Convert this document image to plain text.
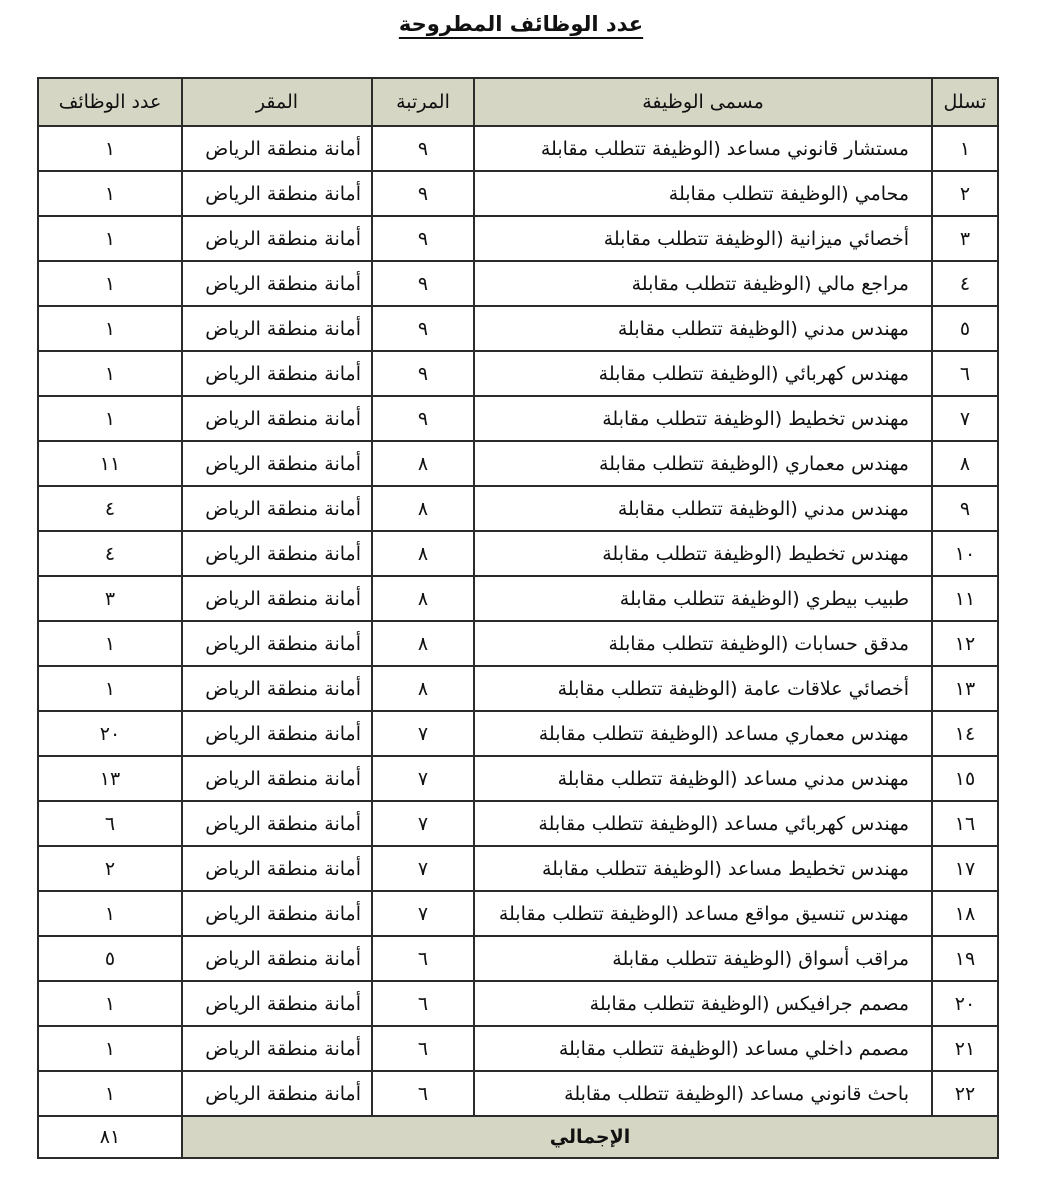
عدد الوظائف المطروحة
تسلل	مسمى الوظيفة	المرتبة	المقر	عدد الوظائف
١	مستشار قانوني مساعد (الوظيفة تتطلب مقابلة	٩	أمانة منطقة الرياض	١
٢	محامي (الوظيفة تتطلب مقابلة	٩	أمانة منطقة الرياض	١
٣	أخصائي ميزانية (الوظيفة تتطلب مقابلة	٩	أمانة منطقة الرياض	١
٤	مراجع مالي (الوظيفة تتطلب مقابلة	٩	أمانة منطقة الرياض	١
٥	مهندس مدني (الوظيفة تتطلب مقابلة	٩	أمانة منطقة الرياض	١
٦	مهندس كهربائي (الوظيفة تتطلب مقابلة	٩	أمانة منطقة الرياض	١
٧	مهندس تخطيط (الوظيفة تتطلب مقابلة	٩	أمانة منطقة الرياض	١
٨	مهندس معماري (الوظيفة تتطلب مقابلة	٨	أمانة منطقة الرياض	١١
٩	مهندس مدني (الوظيفة تتطلب مقابلة	٨	أمانة منطقة الرياض	٤
١٠	مهندس تخطيط (الوظيفة تتطلب مقابلة	٨	أمانة منطقة الرياض	٤
١١	طبيب بيطري (الوظيفة تتطلب مقابلة	٨	أمانة منطقة الرياض	٣
١٢	مدقق حسابات (الوظيفة تتطلب مقابلة	٨	أمانة منطقة الرياض	١
١٣	أخصائي علاقات عامة (الوظيفة تتطلب مقابلة	٨	أمانة منطقة الرياض	١
١٤	مهندس معماري مساعد (الوظيفة تتطلب مقابلة	٧	أمانة منطقة الرياض	٢٠
١٥	مهندس مدني مساعد (الوظيفة تتطلب مقابلة	٧	أمانة منطقة الرياض	١٣
١٦	مهندس كهربائي مساعد (الوظيفة تتطلب مقابلة	٧	أمانة منطقة الرياض	٦
١٧	مهندس تخطيط مساعد (الوظيفة تتطلب مقابلة	٧	أمانة منطقة الرياض	٢
١٨	مهندس تنسيق مواقع مساعد (الوظيفة تتطلب مقابلة	٧	أمانة منطقة الرياض	١
١٩	مراقب أسواق (الوظيفة تتطلب مقابلة	٦	أمانة منطقة الرياض	٥
٢٠	مصمم جرافيكس (الوظيفة تتطلب مقابلة	٦	أمانة منطقة الرياض	١
٢١	مصمم داخلي مساعد (الوظيفة تتطلب مقابلة	٦	أمانة منطقة الرياض	١
٢٢	باحث قانوني مساعد (الوظيفة تتطلب مقابلة	٦	أمانة منطقة الرياض	١
الإجمالي				٨١
